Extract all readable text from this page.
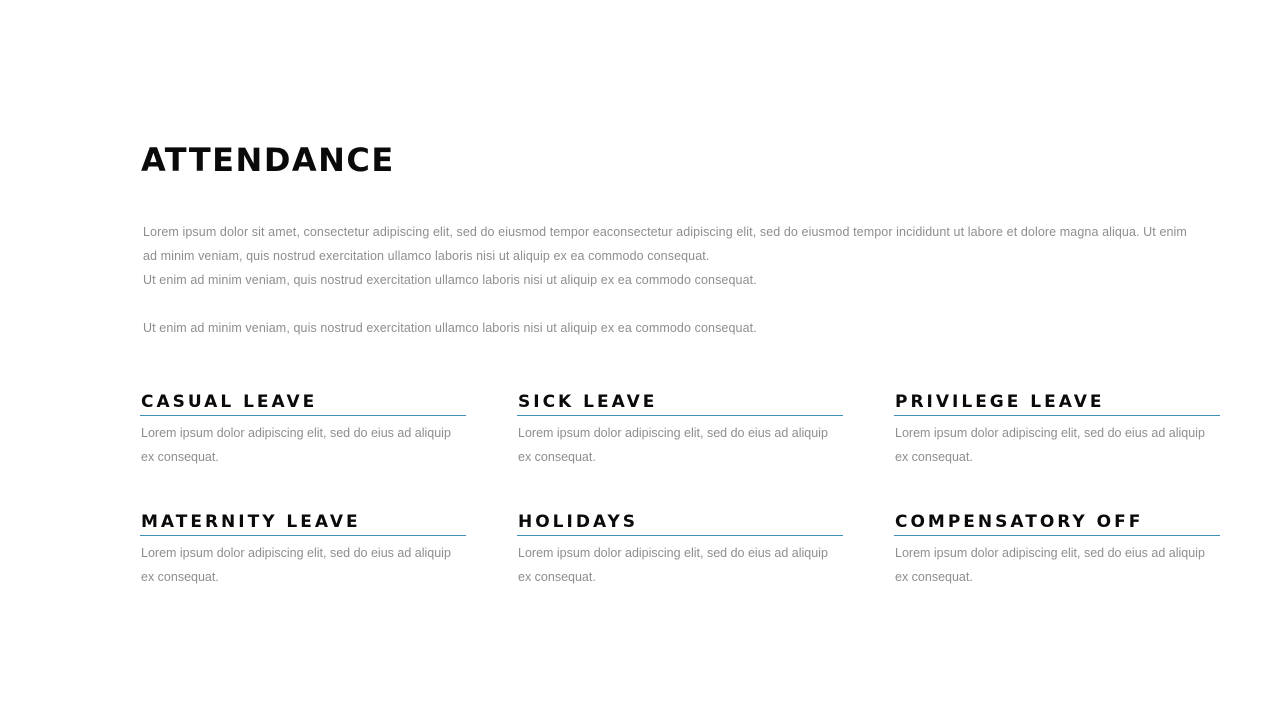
ATTENDANCE

Lorem ipsum dolor sit amet, consectetur adipiscing elit, sed do eiusmod tempor eaconsectetur adipiscing elit, sed do eiusmod tempor incididunt ut labore et dolore magna aliqua. Ut enim ad minim veniam, quis nostrud exercitation ullamco laboris nisi ut aliquip ex ea commodo consequat.

Ut enim ad minim veniam, quis nostrud exercitation ullamco laboris nisi ut aliquip ex ea commodo consequat.

Ut enim ad minim veniam, quis nostrud exercitation ullamco laboris nisi ut aliquip ex ea commodo consequat.

CASUAL LEAVE

Lorem ipsum dolor adipiscing elit, sed do eius ad aliquip ex consequat.

SICK LEAVE

Lorem ipsum dolor adipiscing elit, sed do eius ad aliquip ex consequat.

PRIVILEGE LEAVE

Lorem ipsum dolor adipiscing elit, sed do eius ad aliquip ex consequat.

MATERNITY LEAVE

Lorem ipsum dolor adipiscing elit, sed do eius ad aliquip ex consequat.

HOLIDAYS

Lorem ipsum dolor adipiscing elit, sed do eius ad aliquip ex consequat.

COMPENSATORY OFF

Lorem ipsum dolor adipiscing elit, sed do eius ad aliquip ex consequat.
